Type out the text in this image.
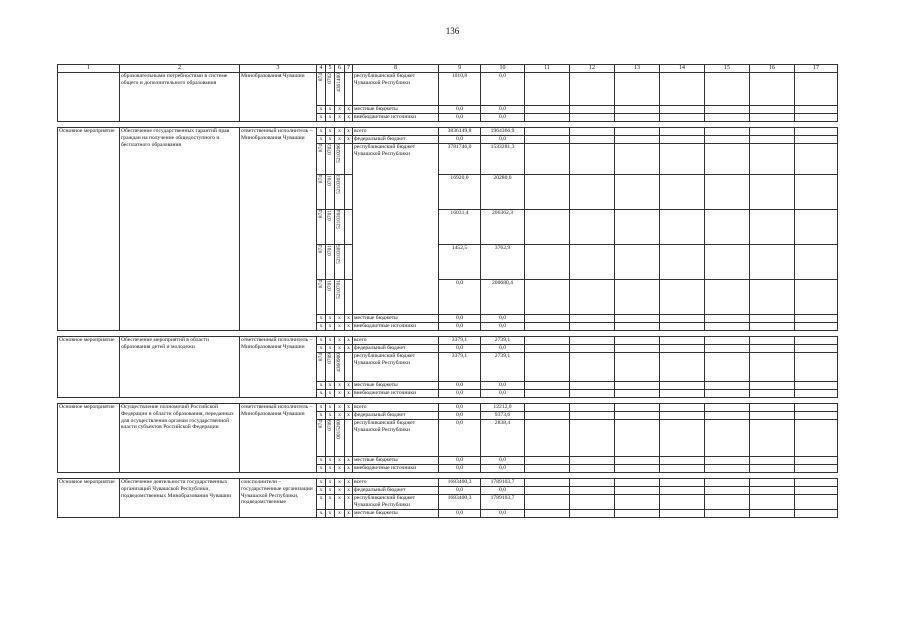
136
1	2	3	4	5	6	7	8	9	10	11	12	13	14	15	16	17
	образовательными потребностями в системе общего и дополнительного образования	Минобразования Чувашии	874	0702	4361400		республиканский бюджет Чувашской Республики	1010,8	0,0							
			x	x	x	x	местные бюджеты	0,0	0,0							
			x	x	x	x	внебюджетные источники	0,0	0,0							

Основное мероприятие	Обеспечение государственных гарантий прав граждан на получение общедоступного и бесплатного образования	ответственный исполнитель – Минобразования Чувашии	x	x	x	x	всего	3836149,8	1964366,9							
			x	x	x	x	федеральный бюджет	0,0	0,0							

			874	0702	5210206		республиканский бюджет Чувашской Республики	3781746,0	1533281,3							

			874	0701	5210303			16920,0	20280,0							

			874	0701	5210304			16031,4	206362,3							

			874	0701	5210305			1452,5	3762,9							

			874	0701	5210701			0,0	200680,4							
			x	x	x	x	местные бюджеты	0,0	0,0							
			x	x	x	x	внебюджетные источники	0,0	0,0							

Основное мероприятие	Обеспечение мероприятий в области образования детей и молодежи	ответственный исполнитель – Минобразования Чувашии	x	x	x	x	всего	3379,1	2739,1							
			x	x	x	x	федеральный бюджет	0,0	0,0							

			874	0709	4360900		республиканский бюджет Чувашской Республики	3379,1	2739,1							
			x	x	x	x	местные бюджеты	0,0	0,0							
			x	x	x	x	внебюджетные источники	0,0	0,0							

Основное мероприятие	Осуществление полномочий Российской Федерации в области образования, переданных для осуществления органам государственной власти субъектов Российской Федерации	ответственный исполнитель – Минобразования Чувашии	x	x	x	x	всего	0,0	12212,0							
			x	x	x	x	федеральный бюджет	0,0	9373,6							

			874	0709	0015200		республиканский бюджет Чувашской Республики	0,0	2838,4							
			x	x	x	x	местные бюджеты	0,0	0,0							
			x	x	x	x	внебюджетные источники	0,0	0,0							

Основное мероприятие	Обеспечение деятельности государственных организаций Чувашской Республики, подведомственных Минобразования Чувашии	соисполнители – государственные организации Чувашской Республики, подведомственные	x	x	x	x	всего	1683400,3	1789103,7							
			x	x	x	x	федеральный бюджет	0,0	0,0							
			x	x	x	x	республиканский бюджет Чувашской Республики	1683400,3	1789103,7							
			x	x	x	x	местные бюджеты	0,0	0,0							
